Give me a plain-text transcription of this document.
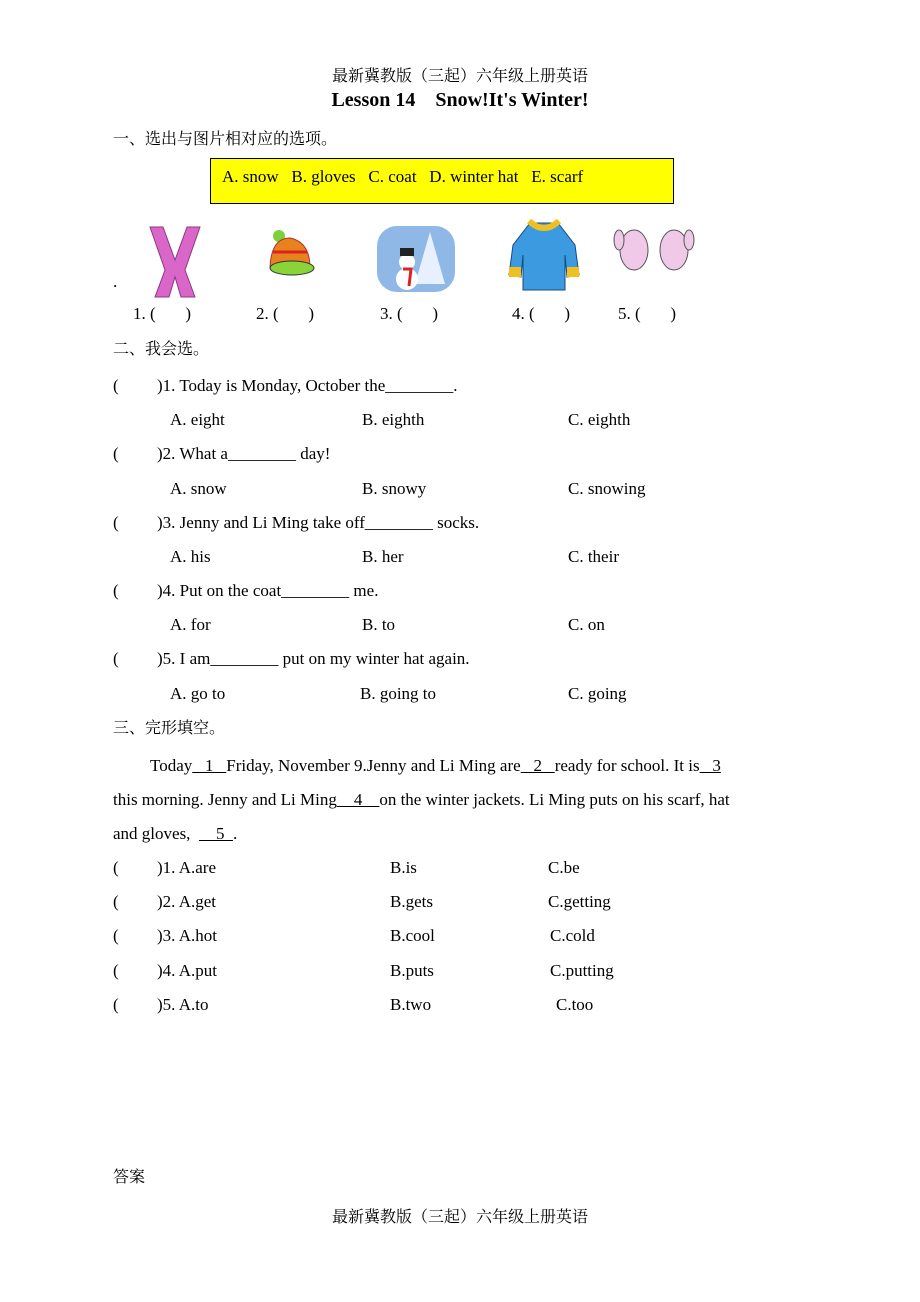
最新冀教版（三起）六年级上册英语
Lesson 14    Snow!It's Winter!
一、选出与图片相对应的选项。
A. snow   B. gloves   C. coat   D. winter hat   E. scarf
.
1. (       )	2. (       )	3. (       )	4. (       )	5. (       )
二、我会选。
( )1. Today is Monday, October the________.
A. eight	B. eighth	C. eighth
( )2. What a________ day!
A. snow	B. snowy	C. snowing
( )3. Jenny and Li Ming take off________ socks.
A. his	B. her	C. their
( )4. Put on the coat________ me.
A. for	B. to	C. on
( )5. I am________ put on my winter hat again.
A. go to	B. going to	C. going
三、完形填空。
Today   1   Friday, November 9.Jenny and Li Ming are   2   ready for school. It is   3
this morning. Jenny and Li Ming    4    on the winter jackets. Li Ming puts on his scarf, hat
and gloves,      5  .
( )1. A.are	B.is	C.be
( )2. A.get	B.gets	C.getting
( )3. A.hot	B.cool	C.cold
( )4. A.put	B.puts	C.putting
( )5. A.to	B.two	C.too
答案
最新冀教版（三起）六年级上册英语
